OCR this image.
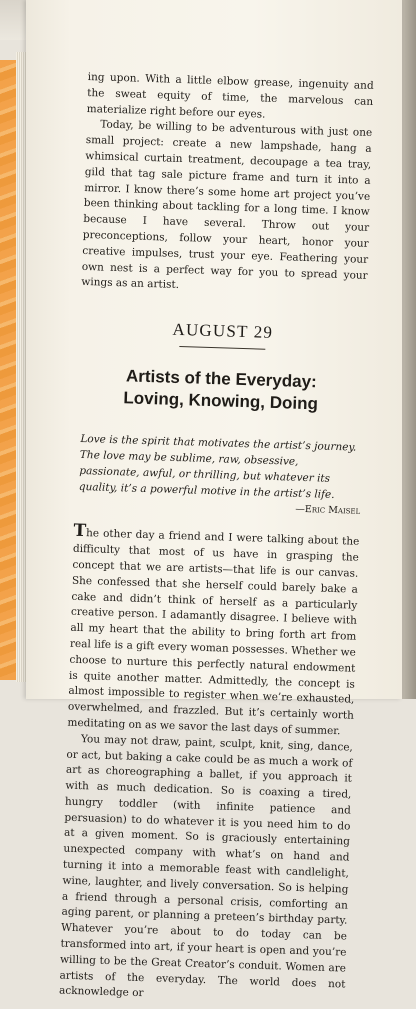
ing upon. With a little elbow grease, ingenuity and the sweat equity of time, the marvelous can materialize right before our eyes.

Today, be willing to be adventurous with just one small project: create a new lampshade, hang a whimsical curtain treatment, decoupage a tea tray, gild that tag sale picture frame and turn it into a mirror. I know there’s some home art project you’ve been thinking about tackling for a long time. I know because I have several. Throw out your preconceptions, follow your heart, honor your creative impulses, trust your eye. Feathering your own nest is a perfect way for you to spread your wings as an artist.

AUGUST 29
Artists of the Everyday:
Loving, Knowing, Doing

Love is the spirit that motivates the artist’s journey. The love may be sublime, raw, obsessive, passionate, awful, or thrilling, but whatever its quality, it’s a powerful motive in the artist’s life.

—Eric Maisel

The other day a friend and I were talking about the difficulty that most of us have in grasping the concept that we are artists—that life is our canvas. She confessed that she herself could barely bake a cake and didn’t think of herself as a particularly creative person. I adamantly disagree. I believe with all my heart that the ability to bring forth art from real life is a gift every woman possesses. Whether we choose to nurture this perfectly natural endowment is quite another matter. Admittedly, the concept is almost impossible to register when we’re exhausted, overwhelmed, and frazzled. But it’s certainly worth meditating on as we savor the last days of summer.

You may not draw, paint, sculpt, knit, sing, dance, or act, but baking a cake could be as much a work of art as choreographing a ballet, if you approach it with as much dedication. So is coaxing a tired, hungry toddler (with infinite patience and persuasion) to do whatever it is you need him to do at a given moment. So is graciously entertaining unexpected company with what’s on hand and turning it into a memorable feast with candlelight, wine, laughter, and lively conversation. So is helping a friend through a personal crisis, comforting an aging parent, or planning a preteen’s birthday party. Whatever you’re about to do today can be transformed into art, if your heart is open and you’re willing to be the Great Creator’s conduit. Women are artists of the everyday. The world does not acknowledge or
